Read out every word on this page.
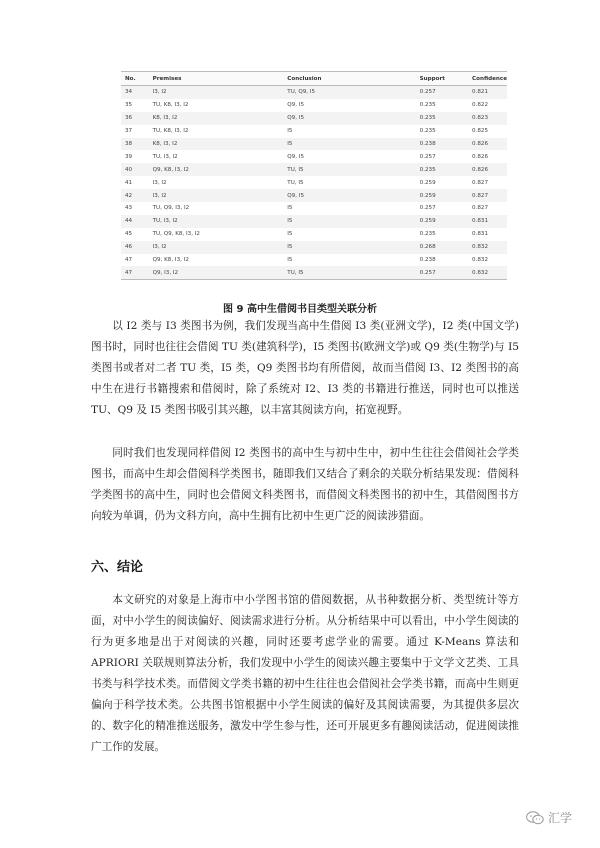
No.	Premises	Conclusion	Support	Confidence
34	I3, I2	TU, Q9, I5	0.257	0.821
35	TU, K8, I3, I2	Q9, I5	0.235	0.822
36	K8, I3, I2	Q9, I5	0.235	0.823
37	TU, K8, I3, I2	I5	0.235	0.825
38	K8, I3, I2	I5	0.238	0.826
39	TU, I3, I2	Q9, I5	0.257	0.826
40	Q9, K8, I3, I2	TU, I5	0.235	0.826
41	I3, I2	TU, I5	0.259	0.827
42	I3, I2	Q9, I5	0.259	0.827
43	TU, Q9, I3, I2	I5	0.257	0.827
44	TU, I3, I2	I5	0.259	0.831
45	TU, Q9, K8, I3, I2	I5	0.235	0.831
46	I3, I2	I5	0.268	0.832
47	Q9, K8, I3, I2	I5	0.238	0.832
47	Q9, I3, I2	TU, I5	0.257	0.832
图 9 高中生借阅书目类型关联分析

以 I2 类与 I3 类图书为例，我们发现当高中生借阅 I3 类(亚洲文学)，I2 类(中国文学)图书时，同时也往往会借阅 TU 类(建筑科学)，I5 类图书(欧洲文学)或 Q9 类(生物学)与 I5 类图书或者对二者 TU 类，I5 类，Q9 类图书均有所借阅，故而当借阅 I3、I2 类图书的高中生在进行书籍搜索和借阅时，除了系统对 I2、I3 类的书籍进行推送，同时也可以推送 TU、Q9 及 I5 类图书吸引其兴趣，以丰富其阅读方向，拓宽视野。

同时我们也发现同样借阅 I2 类图书的高中生与初中生中，初中生往往会借阅社会学类图书，而高中生却会借阅科学类图书，随即我们又结合了剩余的关联分析结果发现：借阅科学类图书的高中生，同时也会借阅文科类图书，而借阅文科类图书的初中生，其借阅图书方向较为单调，仍为文科方向，高中生拥有比初中生更广泛的阅读涉猎面。

六、结论

本文研究的对象是上海市中小学图书馆的借阅数据，从书种数据分析、类型统计等方面，对中小学生的阅读偏好、阅读需求进行分析。从分析结果中可以看出，中小学生阅读的行为更多地是出于对阅读的兴趣，同时还要考虑学业的需要。通过 K-Means 算法和 APRIORI 关联规则算法分析，我们发现中小学生的阅读兴趣主要集中于文学文艺类、工具书类与科学技术类。而借阅文学类书籍的初中生往往也会借阅社会学类书籍，而高中生则更偏向于科学技术类。公共图书馆根据中小学生阅读的偏好及其阅读需要，为其提供多层次的、数字化的精准推送服务，激发中学生参与性，还可开展更多有趣阅读活动，促进阅读推广工作的发展。

汇学
